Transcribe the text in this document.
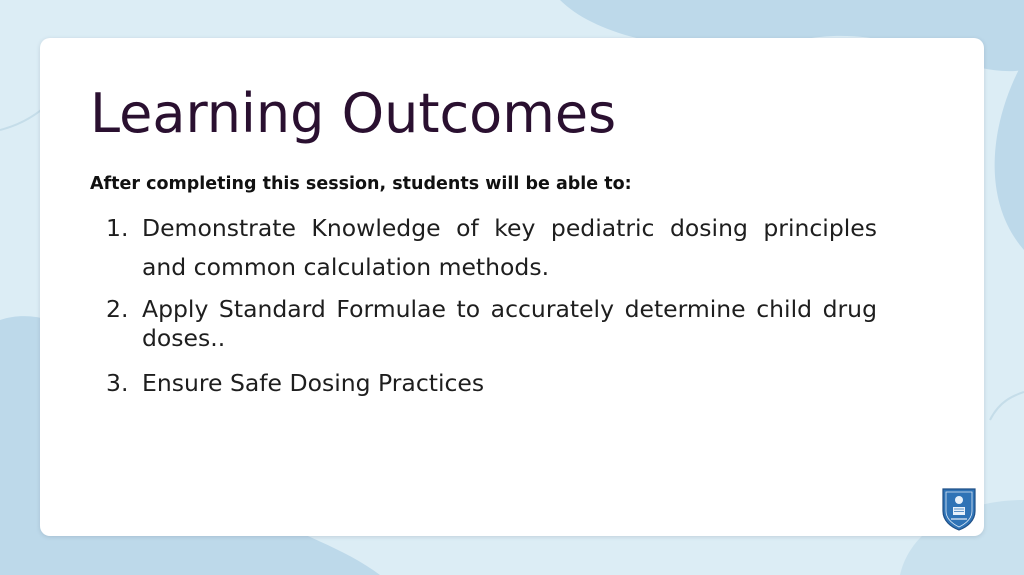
Learning Outcomes

After completing this session, students will be able to:

1. Demonstrate Knowledge of key pediatric dosing principles and common calculation methods.
2. Apply Standard Formulae to accurately determine child drug doses..
3. Ensure Safe Dosing Practices
